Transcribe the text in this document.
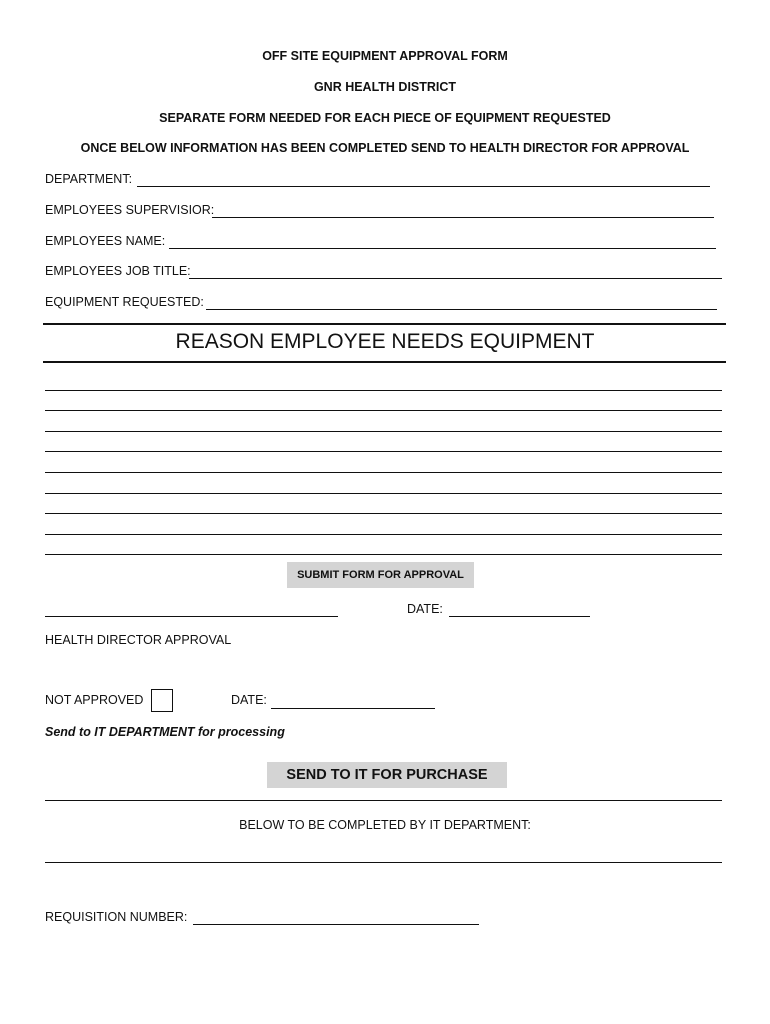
OFF SITE EQUIPMENT APPROVAL FORM
GNR HEALTH DISTRICT
SEPARATE FORM NEEDED FOR EACH PIECE OF EQUIPMENT REQUESTED
ONCE BELOW INFORMATION HAS BEEN COMPLETED SEND TO HEALTH DIRECTOR FOR APPROVAL
DEPARTMENT:
EMPLOYEES SUPERVISIOR:
EMPLOYEES NAME:
EMPLOYEES JOB TITLE:
EQUIPMENT REQUESTED:
REASON EMPLOYEE NEEDS EQUIPMENT
SUBMIT FORM FOR APPROVAL
DATE:
HEALTH DIRECTOR APPROVAL
NOT APPROVED	DATE:
Send to IT DEPARTMENT for processing
SEND TO IT FOR PURCHASE
BELOW TO BE COMPLETED BY IT DEPARTMENT:
REQUISITION NUMBER:
